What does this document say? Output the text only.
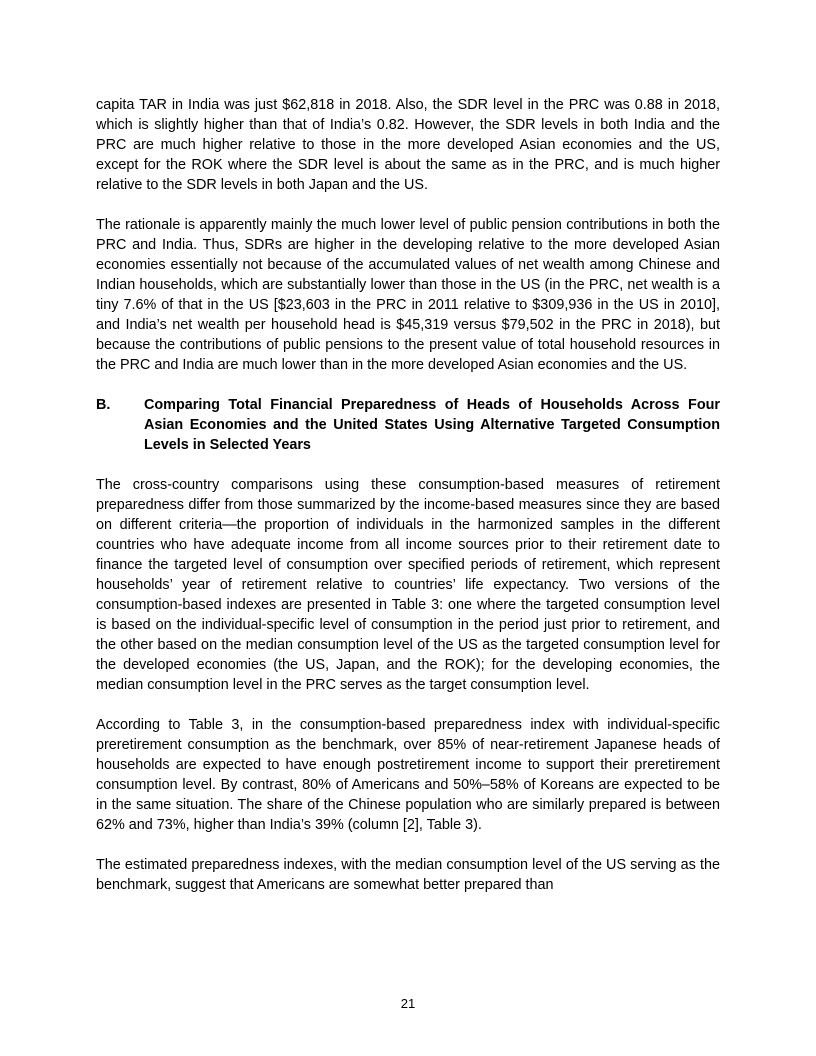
capita TAR in India was just $62,818 in 2018. Also, the SDR level in the PRC was 0.88 in 2018, which is slightly higher than that of India’s 0.82. However, the SDR levels in both India and the PRC are much higher relative to those in the more developed Asian economies and the US, except for the ROK where the SDR level is about the same as in the PRC, and is much higher relative to the SDR levels in both Japan and the US.

The rationale is apparently mainly the much lower level of public pension contributions in both the PRC and India. Thus, SDRs are higher in the developing relative to the more developed Asian economies essentially not because of the accumulated values of net wealth among Chinese and Indian households, which are substantially lower than those in the US (in the PRC, net wealth is a tiny 7.6% of that in the US [$23,603 in the PRC in 2011 relative to $309,936 in the US in 2010], and India’s net wealth per household head is $45,319 versus $79,502 in the PRC in 2018), but because the contributions of public pensions to the present value of total household resources in the PRC and India are much lower than in the more developed Asian economies and the US.

B.	Comparing Total Financial Preparedness of Heads of Households Across Four Asian Economies and the United States Using Alternative Targeted Consumption Levels in Selected Years

The cross-country comparisons using these consumption-based measures of retirement preparedness differ from those summarized by the income-based measures since they are based on different criteria—the proportion of individuals in the harmonized samples in the different countries who have adequate income from all income sources prior to their retirement date to finance the targeted level of consumption over specified periods of retirement, which represent households’ year of retirement relative to countries’ life expectancy. Two versions of the consumption-based indexes are presented in Table 3: one where the targeted consumption level is based on the individual-specific level of consumption in the period just prior to retirement, and the other based on the median consumption level of the US as the targeted consumption level for the developed economies (the US, Japan, and the ROK); for the developing economies, the median consumption level in the PRC serves as the target consumption level.

According to Table 3, in the consumption-based preparedness index with individual-specific preretirement consumption as the benchmark, over 85% of near-retirement Japanese heads of households are expected to have enough postretirement income to support their preretirement consumption level. By contrast, 80% of Americans and 50%–58% of Koreans are expected to be in the same situation. The share of the Chinese population who are similarly prepared is between 62% and 73%, higher than India’s 39% (column [2], Table 3).

The estimated preparedness indexes, with the median consumption level of the US serving as the benchmark, suggest that Americans are somewhat better prepared than

21
